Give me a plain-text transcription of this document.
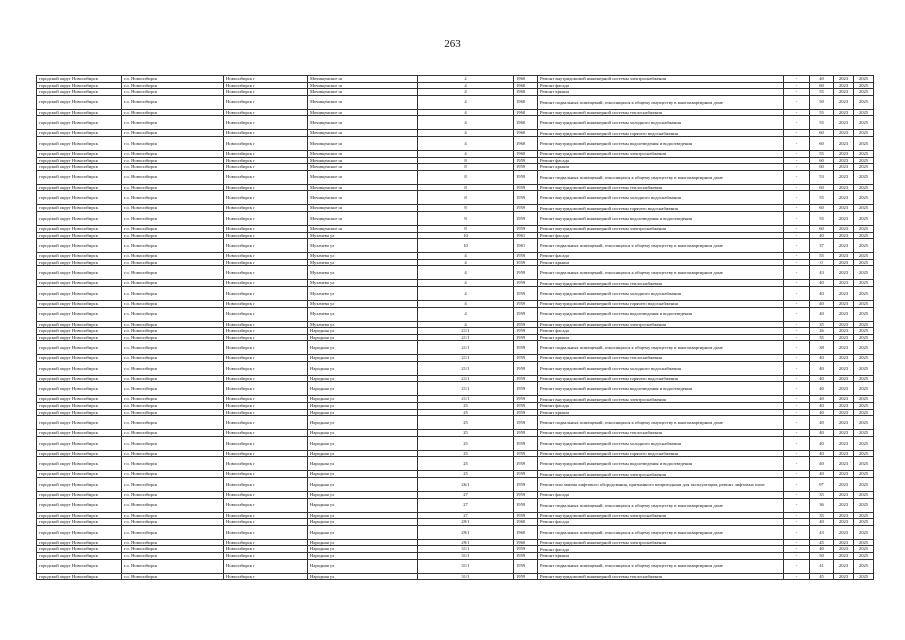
263
городской округ Новосибирск	г.о. Новосибирск	Новосибирск г	Мочищенское ш	2	1960	Ремонт внутридомовой инженерной системы электроснабжения	-	40	2023	2025
городской округ Новосибирск	г.о. Новосибирск	Новосибирск г	Мочищенское ш	4	1960	Ремонт фасада	-	60	2023	2025
городской округ Новосибирск	г.о. Новосибирск	Новосибирск г	Мочищенское ш	4	1960	Ремонт крыши	-	55	2023	2025
городской округ Новосибирск	г.о. Новосибирск	Новосибирск г	Мочищенское ш	4	1960	Ремонт подвальных помещений, относящихся к общему имуществу в многоквартирном доме	-	50	2023	2025
городской округ Новосибирск	г.о. Новосибирск	Новосибирск г	Мочищенское ш	4	1960	Ремонт внутридомовой инженерной системы теплоснабжения	-	55	2023	2025
городской округ Новосибирск	г.о. Новосибирск	Новосибирск г	Мочищенское ш	4	1960	Ремонт внутридомовой инженерной системы холодного водоснабжения	-	55	2023	2025
городской округ Новосибирск	г.о. Новосибирск	Новосибирск г	Мочищенское ш	4	1960	Ремонт внутридомовой инженерной системы горячего водоснабжения	-	60	2023	2025
городской округ Новосибирск	г.о. Новосибирск	Новосибирск г	Мочищенское ш	4	1960	Ремонт внутридомовой инженерной системы водоотведения и водоотведения	-	60	2023	2025
городской округ Новосибирск	г.о. Новосибирск	Новосибирск г	Мочищенское ш	4	1960	Ремонт внутридомовой инженерной системы электроснабжения	-	55	2023	2025
городской округ Новосибирск	г.о. Новосибирск	Новосибирск г	Мочищенское ш	8	1959	Ремонт фасада	-	60	2023	2025
городской округ Новосибирск	г.о. Новосибирск	Новосибирск г	Мочищенское ш	8	1959	Ремонт крыши	-	60	2023	2025
городской округ Новосибирск	г.о. Новосибирск	Новосибирск г	Мочищенское ш	8	1959	Ремонт подвальных помещений, относящихся к общему имуществу в многоквартирном доме	-	53	2023	2025
городской округ Новосибирск	г.о. Новосибирск	Новосибирск г	Мочищенское ш	8	1959	Ремонт внутридомовой инженерной системы теплоснабжения	-	60	2023	2025
городской округ Новосибирск	г.о. Новосибирск	Новосибирск г	Мочищенское ш	8	1959	Ремонт внутридомовой инженерной системы холодного водоснабжения	-	55	2023	2025
городской округ Новосибирск	г.о. Новосибирск	Новосибирск г	Мочищенское ш	8	1959	Ремонт внутридомовой инженерной системы горячего водоснабжения	-	60	2023	2025
городской округ Новосибирск	г.о. Новосибирск	Новосибирск г	Мочищенское ш	8	1959	Ремонт внутридомовой инженерной системы водоотведения и водоотведения	-	55	2023	2025
городской округ Новосибирск	г.о. Новосибирск	Новосибирск г	Мочищенское ш	8	1959	Ремонт внутридомовой инженерной системы электроснабжения	-	60	2023	2025
городской округ Новосибирск	г.о. Новосибирск	Новосибирск г	Мухачева ул	10	1961	Ремонт фасада	-	40	2023	2025
городской округ Новосибирск	г.о. Новосибирск	Новосибирск г	Мухачева ул	10	1961	Ремонт подвальных помещений, относящихся к общему имуществу в многоквартирном доме	-	37	2023	2025
городской округ Новосибирск	г.о. Новосибирск	Новосибирск г	Мухачева ул	4	1959	Ремонт фасада	-	55	2023	2025
городской округ Новосибирск	г.о. Новосибирск	Новосибирск г	Мухачева ул	4	1959	Ремонт крыши	-	0	2023	2025
городской округ Новосибирск	г.о. Новосибирск	Новосибирск г	Мухачева ул	4	1959	Ремонт подвальных помещений, относящихся к общему имуществу в многоквартирном доме	-	43	2023	2025
городской округ Новосибирск	г.о. Новосибирск	Новосибирск г	Мухачева ул	4	1959	Ремонт внутридомовой инженерной системы теплоснабжения	-	40	2023	2025
городской округ Новосибирск	г.о. Новосибирск	Новосибирск г	Мухачева ул	4	1959	Ремонт внутридомовой инженерной системы холодного водоснабжения	-	40	2023	2025
городской округ Новосибирск	г.о. Новосибирск	Новосибирск г	Мухачева ул	4	1959	Ремонт внутридомовой инженерной системы горячего водоснабжения	-	40	2023	2025
городской округ Новосибирск	г.о. Новосибирск	Новосибирск г	Мухачева ул	4	1959	Ремонт внутридомовой инженерной системы водоотведения и водоотведения	-	40	2023	2025
городской округ Новосибирск	г.о. Новосибирск	Новосибирск г	Мухачева ул	4	1959	Ремонт внутридомовой инженерной системы электроснабжения	-	35	2023	2025
городской округ Новосибирск	г.о. Новосибирск	Новосибирск г	Народная ул	21/1	1959	Ремонт фасада	-	26	2023	2025
городской округ Новосибирск	г.о. Новосибирск	Новосибирск г	Народная ул	21/1	1959	Ремонт крыши	-	35	2023	2025
городской округ Новосибирск	г.о. Новосибирск	Новосибирск г	Народная ул	21/1	1959	Ремонт подвальных помещений, относящихся к общему имуществу в многоквартирном доме	-	38	2023	2025
городской округ Новосибирск	г.о. Новосибирск	Новосибирск г	Народная ул	21/1	1959	Ремонт внутридомовой инженерной системы теплоснабжения	-	40	2023	2025
городской округ Новосибирск	г.о. Новосибирск	Новосибирск г	Народная ул	21/1	1959	Ремонт внутридомовой инженерной системы холодного водоснабжения	-	40	2023	2025
городской округ Новосибирск	г.о. Новосибирск	Новосибирск г	Народная ул	21/1	1959	Ремонт внутридомовой инженерной системы горячего водоснабжения	-	40	2023	2025
городской округ Новосибирск	г.о. Новосибирск	Новосибирск г	Народная ул	21/1	1959	Ремонт внутридомовой инженерной системы водоотведения и водоотведения	-	40	2023	2025
городской округ Новосибирск	г.о. Новосибирск	Новосибирск г	Народная ул	21/1	1959	Ремонт внутридомовой инженерной системы электроснабжения	-	40	2023	2025
городской округ Новосибирск	г.о. Новосибирск	Новосибирск г	Народная ул	25	1959	Ремонт фасада	-	40	2023	2025
городской округ Новосибирск	г.о. Новосибирск	Новосибирск г	Народная ул	25	1959	Ремонт крыши	-	40	2023	2025
городской округ Новосибирск	г.о. Новосибирск	Новосибирск г	Народная ул	25	1959	Ремонт подвальных помещений, относящихся к общему имуществу в многоквартирном доме	-	40	2023	2025
городской округ Новосибирск	г.о. Новосибирск	Новосибирск г	Народная ул	25	1959	Ремонт внутридомовой инженерной системы теплоснабжения	-	40	2023	2025
городской округ Новосибирск	г.о. Новосибирск	Новосибирск г	Народная ул	25	1959	Ремонт внутридомовой инженерной системы холодного водоснабжения	-	40	2023	2025
городской округ Новосибирск	г.о. Новосибирск	Новосибирск г	Народная ул	25	1959	Ремонт внутридомовой инженерной системы горячего водоснабжения	-	40	2023	2025
городской округ Новосибирск	г.о. Новосибирск	Новосибирск г	Народная ул	25	1959	Ремонт внутридомовой инженерной системы водоотведения и водоотведения	-	40	2023	2025
городской округ Новосибирск	г.о. Новосибирск	Новосибирск г	Народная ул	25	1959	Ремонт внутридомовой инженерной системы электроснабжения	-	40	2023	2025
городской округ Новосибирск	г.о. Новосибирск	Новосибирск г	Народная ул	26/1	1959	Ремонт или замена лифтового оборудования, признанного непригодным для эксплуатации, ремонт лифтовых шахт	-	9*	2023	2025
городской округ Новосибирск	г.о. Новосибирск	Новосибирск г	Народная ул	27	1959	Ремонт фасада	-	35	2023	2025
городской округ Новосибирск	г.о. Новосибирск	Новосибирск г	Народная ул	27	1959	Ремонт подвальных помещений, относящихся к общему имуществу в многоквартирном доме	-	36	2023	2025
городской округ Новосибирск	г.о. Новосибирск	Новосибирск г	Народная ул	27	1959	Ремонт внутридомовой инженерной системы электроснабжения	-	35	2023	2025
городской округ Новосибирск	г.о. Новосибирск	Новосибирск г	Народная ул	29/1	1960	Ремонт фасада	-	40	2023	2025
городской округ Новосибирск	г.о. Новосибирск	Новосибирск г	Народная ул	29/1	1960	Ремонт подвальных помещений, относящихся к общему имуществу в многоквартирном доме	-	43	2023	2025
городской округ Новосибирск	г.о. Новосибирск	Новосибирск г	Народная ул	29/1	1960	Ремонт внутридомовой инженерной системы электроснабжения	-	45	2023	2025
городской округ Новосибирск	г.о. Новосибирск	Новосибирск г	Народная ул	31/1	1959	Ремонт фасада	-	40	2023	2025
городской округ Новосибирск	г.о. Новосибирск	Новосибирск г	Народная ул	31/1	1959	Ремонт крыши	-	50	2023	2025
городской округ Новосибирск	г.о. Новосибирск	Новосибирск г	Народная ул	31/1	1959	Ремонт подвальных помещений, относящихся к общему имуществу в многоквартирном доме	-	41	2023	2025
городской округ Новосибирск	г.о. Новосибирск	Новосибирск г	Народная ул	31/1	1959	Ремонт внутридомовой инженерной системы теплоснабжения	-	45	2023	2025
